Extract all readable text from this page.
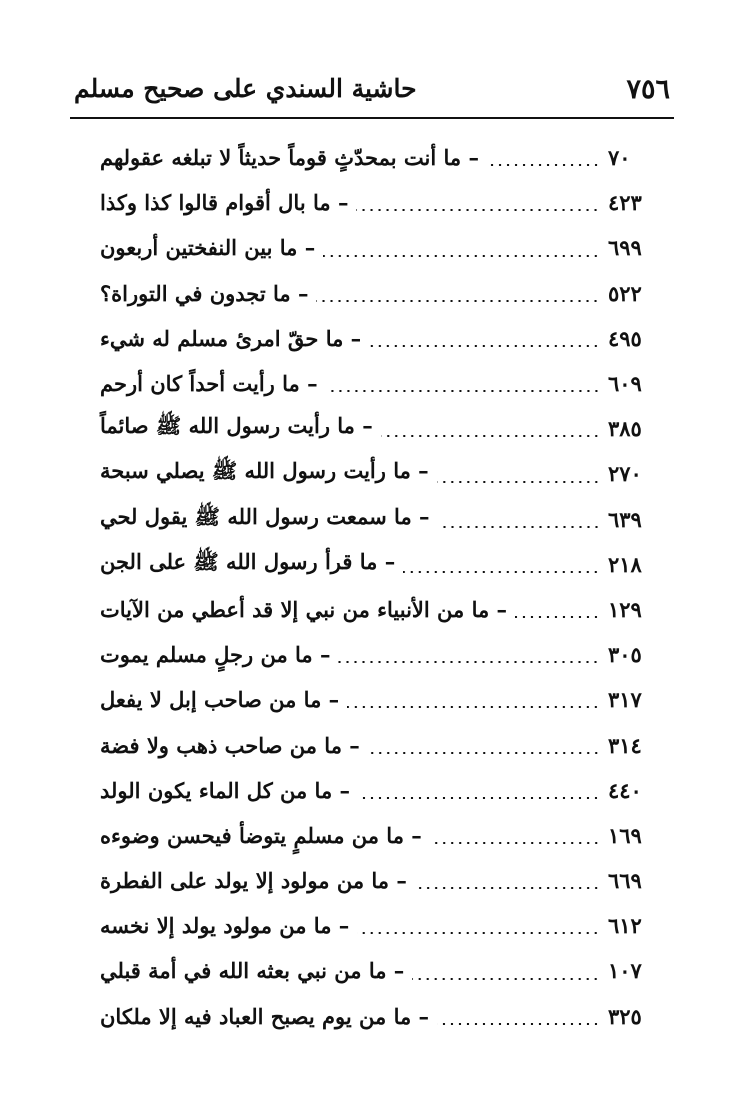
٧٥٦
حاشية السندي على صحيح مسلم
– ما أنت بمحدّثٍ قوماً حديثاً لا تبلغه عقولهم	٧٠
– ما بال أقوام قالوا كذا وكذا	٤٢٣
– ما بين النفختين أربعون	٦٩٩
– ما تجدون في التوراة؟	٥٢٢
– ما حقّ امرئ مسلم له شيء	٤٩٥
– ما رأيت أحداً كان أرحم	٦٠٩
– ما رأيت رسول الله ﷺ صائماً	٣٨٥
– ما رأيت رسول الله ﷺ يصلي سبحة	٢٧٠
– ما سمعت رسول الله ﷺ يقول لحي	٦٣٩
– ما قرأ رسول الله ﷺ على الجن	٢١٨
– ما من الأنبياء من نبي إلا قد أعطي من الآيات	١٢٩
– ما من رجلٍ مسلم يموت	٣٠٥
– ما من صاحب إبل لا يفعل	٣١٧
– ما من صاحب ذهب ولا فضة	٣١٤
– ما من كل الماء يكون الولد	٤٤٠
– ما من مسلمٍ يتوضأ فيحسن وضوءه	١٦٩
– ما من مولود إلا يولد على الفطرة	٦٦٩
– ما من مولود يولد إلا نخسه	٦١٢
– ما من نبي بعثه الله في أمة قبلي	١٠٧
– ما من يوم يصبح العباد فيه إلا ملكان	٣٢٥
